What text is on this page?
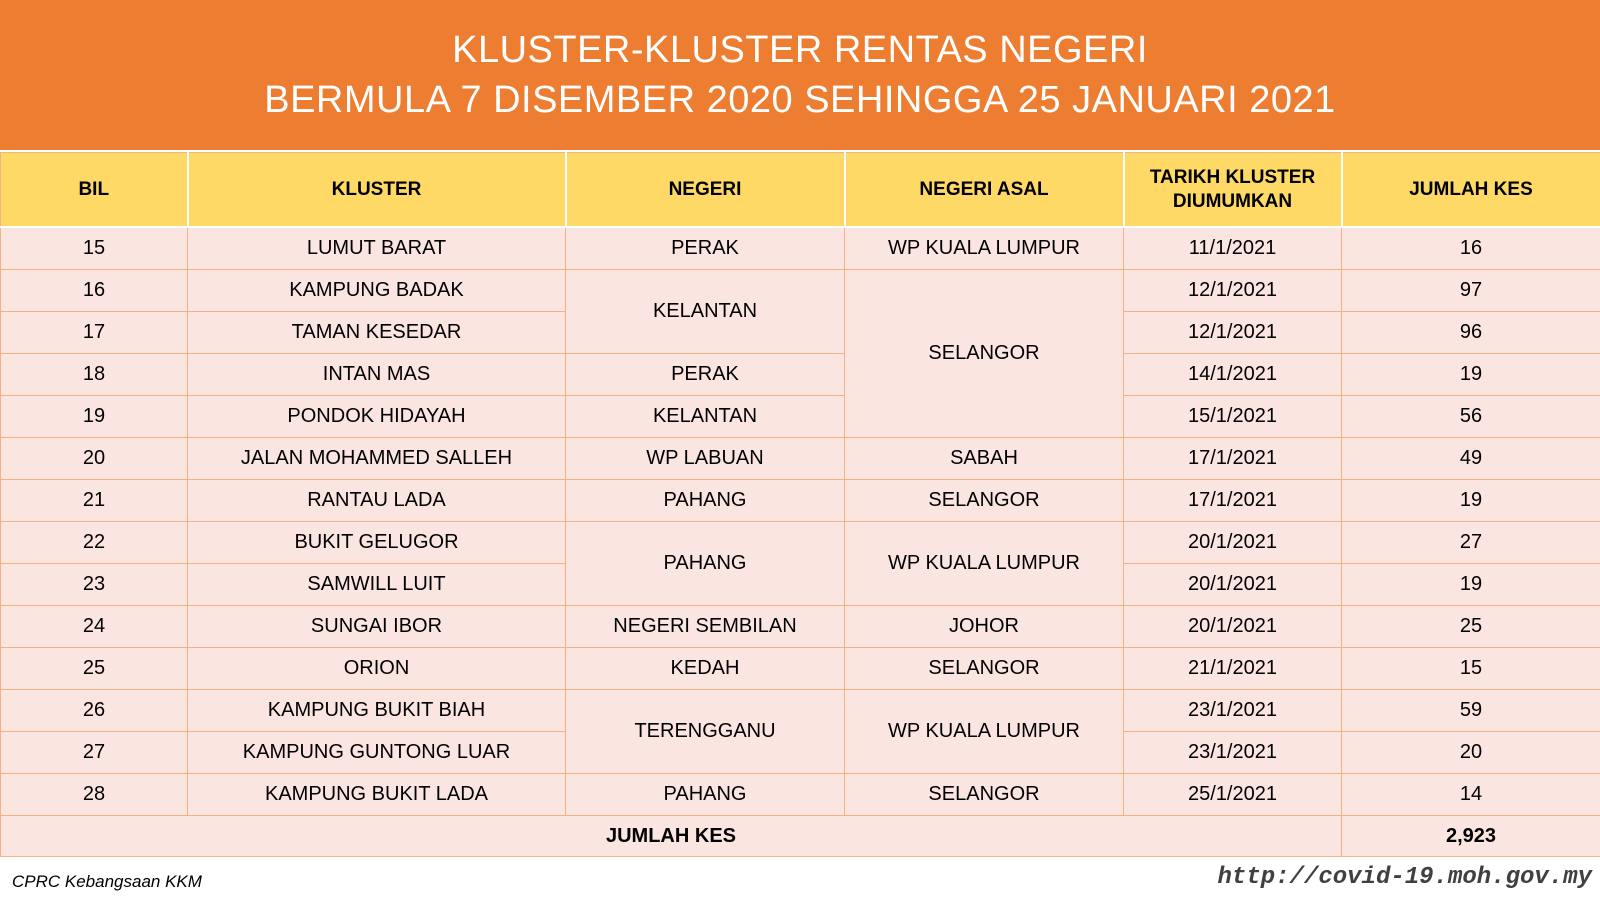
KLUSTER-KLUSTER RENTAS NEGERI
BERMULA 7 DISEMBER 2020 SEHINGGA 25 JANUARI 2021
BIL	KLUSTER	NEGERI	NEGERI ASAL	TARIKH KLUSTER DIUMUMKAN	JUMLAH KES
15	LUMUT BARAT	PERAK	WP KUALA LUMPUR	11/1/2021	16
16	KAMPUNG BADAK	KELANTAN	SELANGOR	12/1/2021	97
17	TAMAN KESEDAR			12/1/2021	96
18	INTAN MAS	PERAK		14/1/2021	19
19	PONDOK HIDAYAH	KELANTAN		15/1/2021	56
20	JALAN MOHAMMED SALLEH	WP LABUAN	SABAH	17/1/2021	49
21	RANTAU LADA	PAHANG	SELANGOR	17/1/2021	19
22	BUKIT GELUGOR	PAHANG	WP KUALA LUMPUR	20/1/2021	27
23	SAMWILL LUIT			20/1/2021	19
24	SUNGAI IBOR	NEGERI SEMBILAN	JOHOR	20/1/2021	25
25	ORION	KEDAH	SELANGOR	21/1/2021	15
26	KAMPUNG BUKIT BIAH	TERENGGANU	WP KUALA LUMPUR	23/1/2021	59
27	KAMPUNG GUNTONG LUAR			23/1/2021	20
28	KAMPUNG BUKIT LADA	PAHANG	SELANGOR	25/1/2021	14
JUMLAH KES					2,923
CPRC Kebangsaan KKM	http://covid-19.moh.gov.my
